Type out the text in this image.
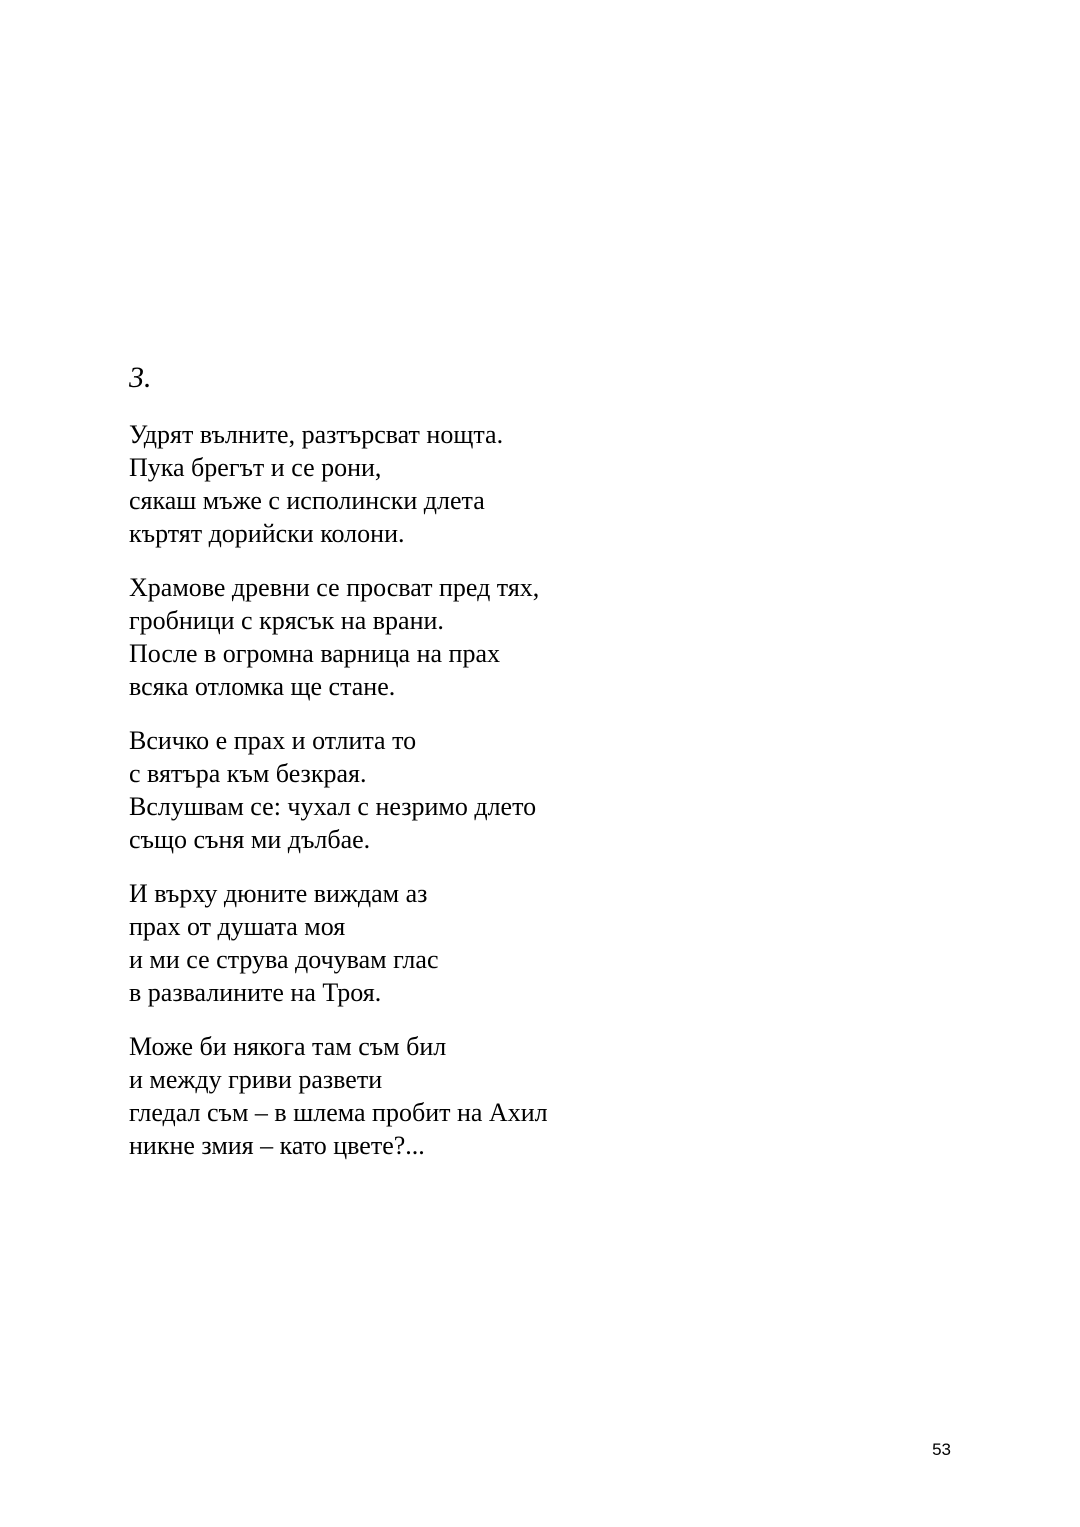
3.
Удрят вълните, разтърсват нощта.
Пука брегът и се рони,
сякаш мъже с исполински длета
къртят дорийски колони.
Храмове древни се просват пред тях,
гробници с крясък на врани.
После в огромна варница на прах
всяка отломка ще стане.
Всичко е прах и отлита то
с вятъра към безкрая.
Вслушвам се: чухал с незримо длето
също съня ми дълбае.
И върху дюните виждам аз
прах от душата моя
и ми се струва дочувам глас
в развалините на Троя.
Може би някога там съм бил
и между гриви развети
гледал съм – в шлема пробит на Ахил
никне змия – като цвете?...
53
